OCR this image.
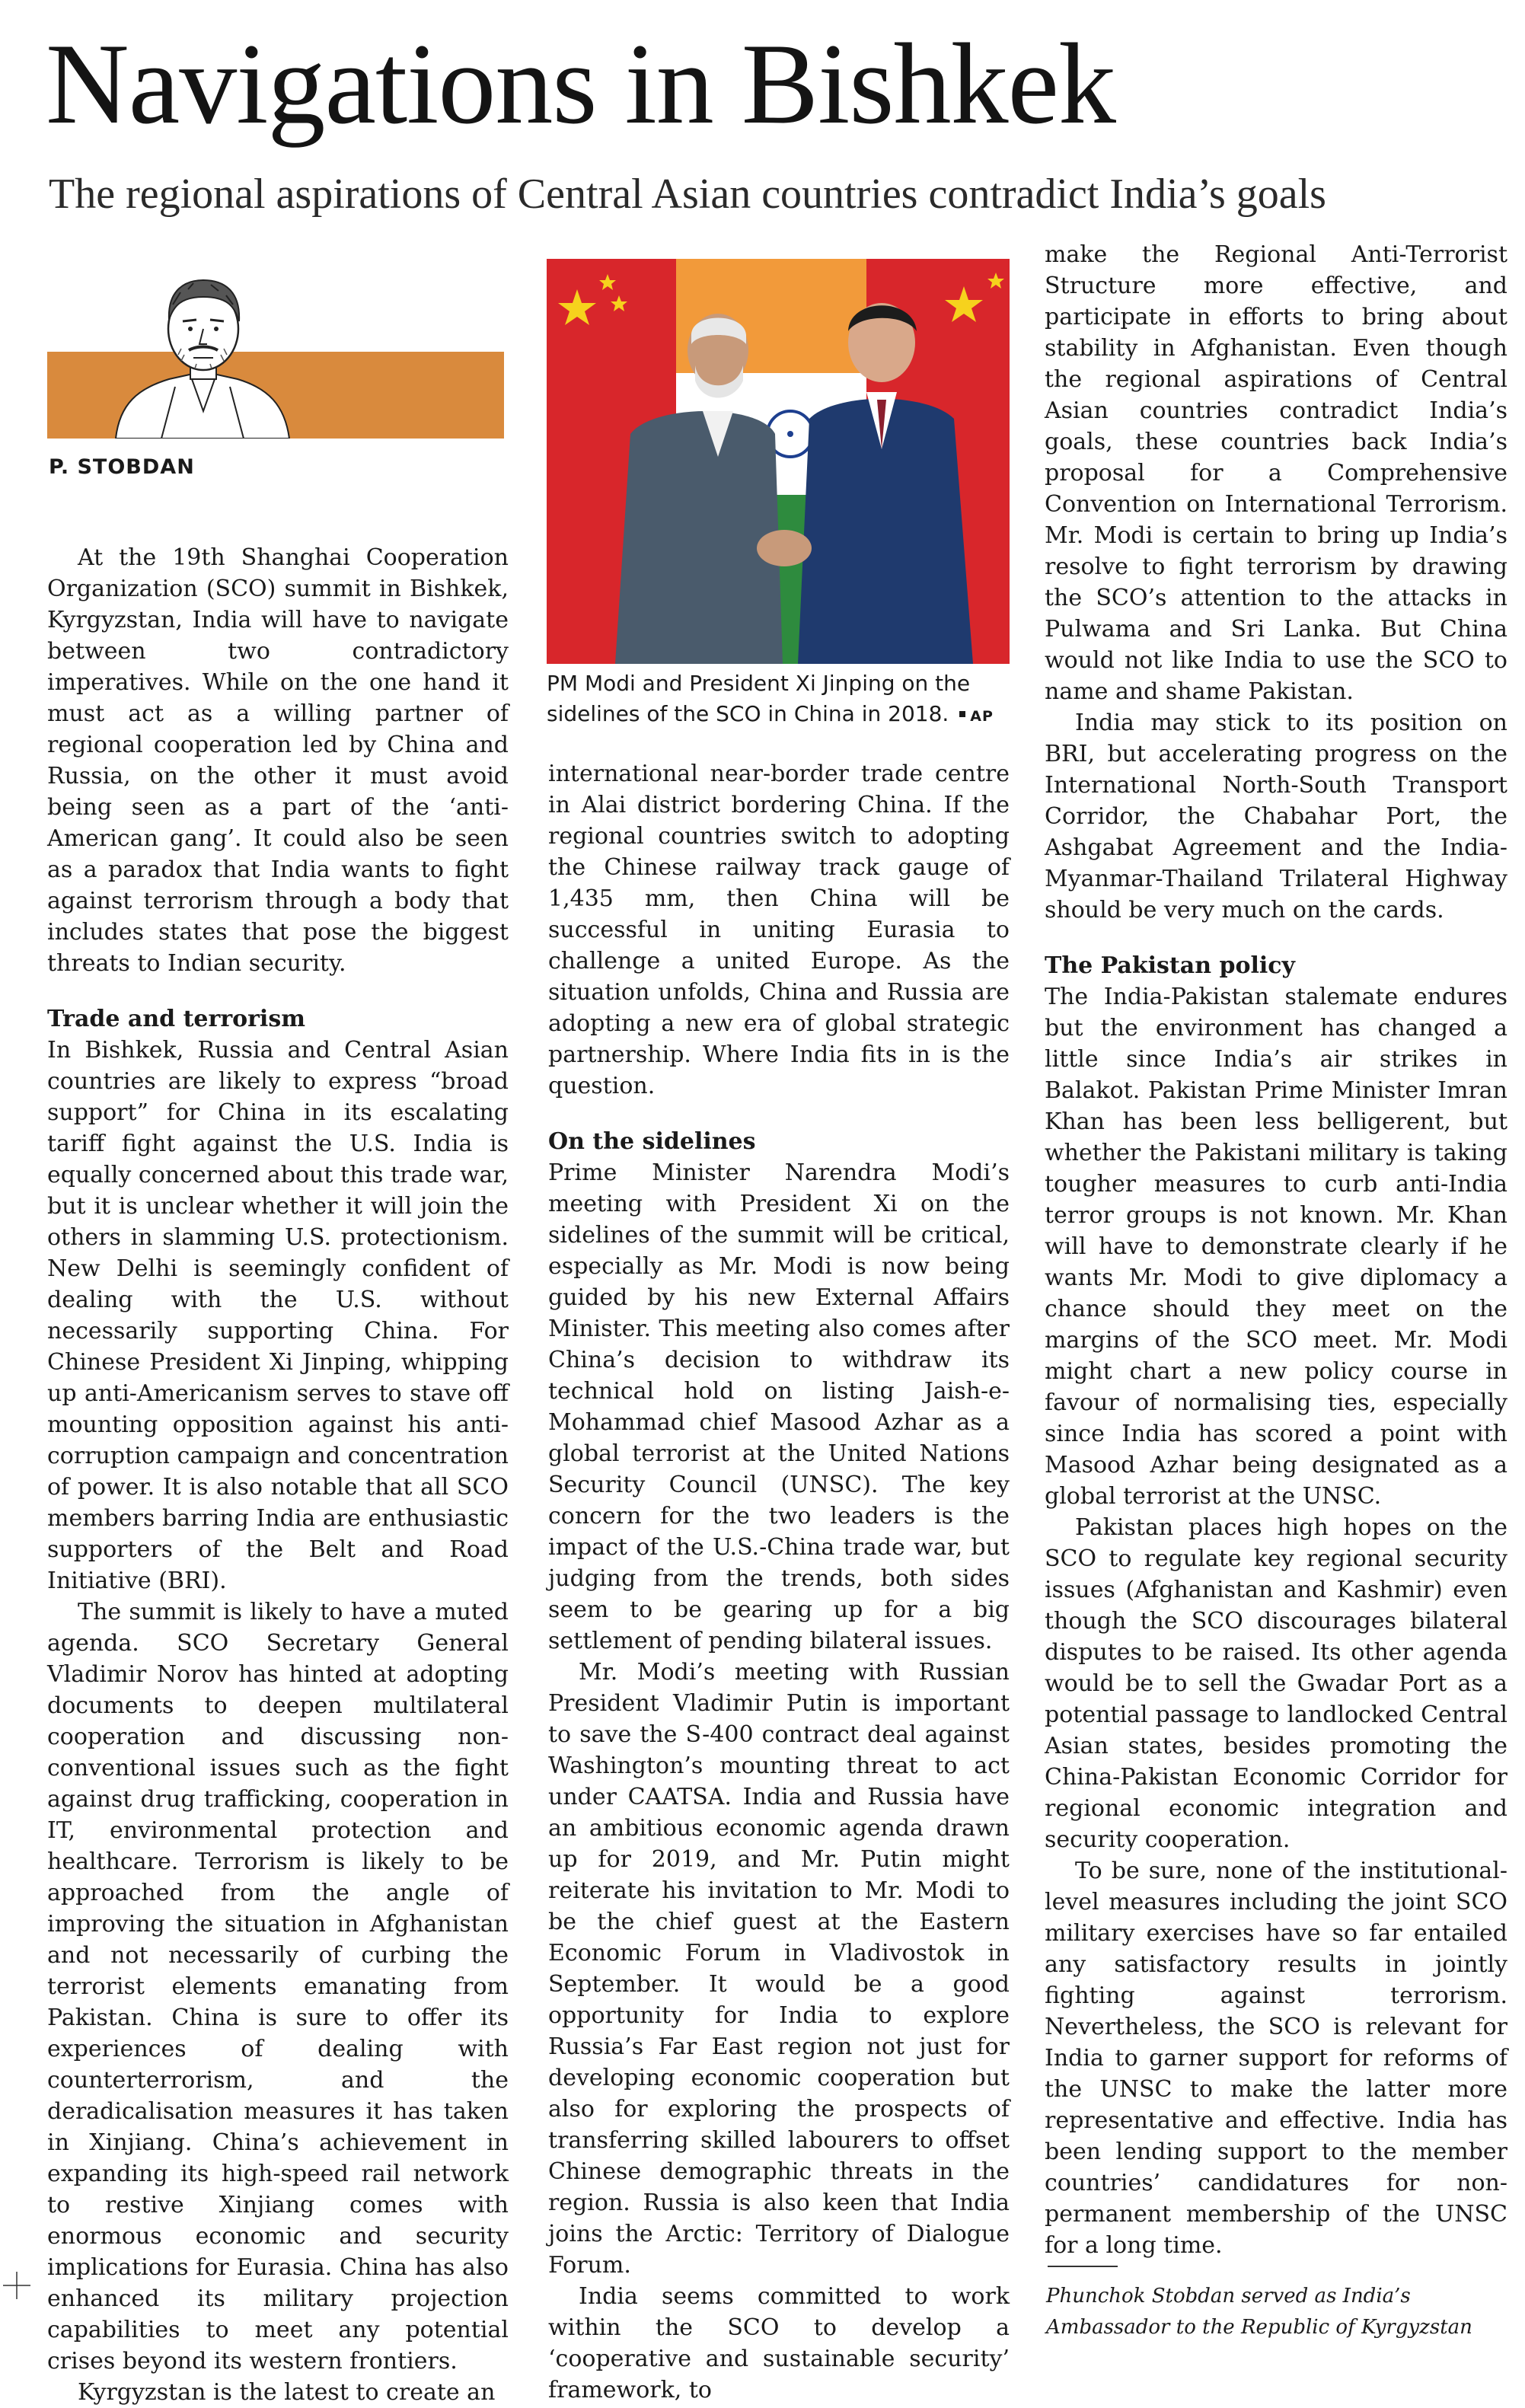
Navigations in Bishkek
The regional aspirations of Central Asian countries contradict India’s goals

P. STOBDAN

PM Modi and President Xi Jinping on the sidelines of the SCO in China in 2018. AP

At the 19th Shanghai Cooperation Organization (SCO) summit in Bishkek, Kyrgyzstan, India will have to navigate between two contradictory imperatives. While on the one hand it must act as a willing partner of regional cooperation led by China and Russia, on the other it must avoid being seen as a part of the ‘anti-American gang’. It could also be seen as a paradox that India wants to fight against terrorism through a body that includes states that pose the biggest threats to Indian security.

Trade and terrorism

In Bishkek, Russia and Central Asian countries are likely to express “broad support” for China in its escalating tariff fight against the U.S. India is equally concerned about this trade war, but it is unclear whether it will join the others in slamming U.S. protectionism. New Delhi is seemingly confident of dealing with the U.S. without necessarily supporting China. For Chinese President Xi Jinping, whipping up anti-Americanism serves to stave off mounting opposition against his anti-corruption campaign and concentration of power. It is also notable that all SCO members barring India are enthusiastic supporters of the Belt and Road Initiative (BRI).

The summit is likely to have a muted agenda. SCO Secretary General Vladimir Norov has hinted at adopting documents to deepen multilateral cooperation and discussing non-conventional issues such as the fight against drug trafficking, cooperation in IT, environmental protection and healthcare. Terrorism is likely to be approached from the angle of improving the situation in Afghanistan and not necessarily of curbing the terrorist elements emanating from Pakistan. China is sure to offer its experiences of dealing with counterterrorism, and the deradicalisation measures it has taken in Xinjiang. China’s achievement in expanding its high-speed rail network to restive Xinjiang comes with enormous economic and security implications for Eurasia. China has also enhanced its military projection capabilities to meet any potential crises beyond its western frontiers.

Kyrgyzstan is the latest to create an

international near-border trade centre in Alai district bordering China. If the regional countries switch to adopting the Chinese railway track gauge of 1,435 mm, then China will be successful in uniting Eurasia to challenge a united Europe. As the situation unfolds, China and Russia are adopting a new era of global strategic partnership. Where India fits in is the question.

On the sidelines

Prime Minister Narendra Modi’s meeting with President Xi on the sidelines of the summit will be critical, especially as Mr. Modi is now being guided by his new External Affairs Minister. This meeting also comes after China’s decision to withdraw its technical hold on listing Jaish-e-Mohammad chief Masood Azhar as a global terrorist at the United Nations Security Council (UNSC). The key concern for the two leaders is the impact of the U.S.-China trade war, but judging from the trends, both sides seem to be gearing up for a big settlement of pending bilateral issues.

Mr. Modi’s meeting with Russian President Vladimir Putin is important to save the S-400 contract deal against Washington’s mounting threat to act under CAATSA. India and Russia have an ambitious economic agenda drawn up for 2019, and Mr. Putin might reiterate his invitation to Mr. Modi to be the chief guest at the Eastern Economic Forum in Vladivostok in September. It would be a good opportunity for India to explore Russia’s Far East region not just for developing economic cooperation but also for exploring the prospects of transferring skilled labourers to offset Chinese demographic threats in the region. Russia is also keen that India joins the Arctic: Territory of Dialogue Forum.

India seems committed to work within the SCO to develop a ‘cooperative and sustainable security’ framework, to

make the Regional Anti-Terrorist Structure more effective, and participate in efforts to bring about stability in Afghanistan. Even though the regional aspirations of Central Asian countries contradict India’s goals, these countries back India’s proposal for a Comprehensive Convention on International Terrorism. Mr. Modi is certain to bring up India’s resolve to fight terrorism by drawing the SCO’s attention to the attacks in Pulwama and Sri Lanka. But China would not like India to use the SCO to name and shame Pakistan.

India may stick to its position on BRI, but accelerating progress on the International North-South Transport Corridor, the Chabahar Port, the Ashgabat Agreement and the India-Myanmar-Thailand Trilateral Highway should be very much on the cards.

The Pakistan policy

The India-Pakistan stalemate endures but the environment has changed a little since India’s air strikes in Balakot. Pakistan Prime Minister Imran Khan has been less belligerent, but whether the Pakistani military is taking tougher measures to curb anti-India terror groups is not known. Mr. Khan will have to demonstrate clearly if he wants Mr. Modi to give diplomacy a chance should they meet on the margins of the SCO meet. Mr. Modi might chart a new policy course in favour of normalising ties, especially since India has scored a point with Masood Azhar being designated as a global terrorist at the UNSC.

Pakistan places high hopes on the SCO to regulate key regional security issues (Afghanistan and Kashmir) even though the SCO discourages bilateral disputes to be raised. Its other agenda would be to sell the Gwadar Port as a potential passage to landlocked Central Asian states, besides promoting the China-Pakistan Economic Corridor for regional economic integration and security cooperation.

To be sure, none of the institutional-level measures including the joint SCO military exercises have so far entailed any satisfactory results in jointly fighting against terrorism. Nevertheless, the SCO is relevant for India to garner support for reforms of the UNSC to make the latter more representative and effective. India has been lending support to the member countries’ candidatures for non-permanent membership of the UNSC for a long time.

Phunchok Stobdan served as India’s
Ambassador to the Republic of Kyrgyzstan
